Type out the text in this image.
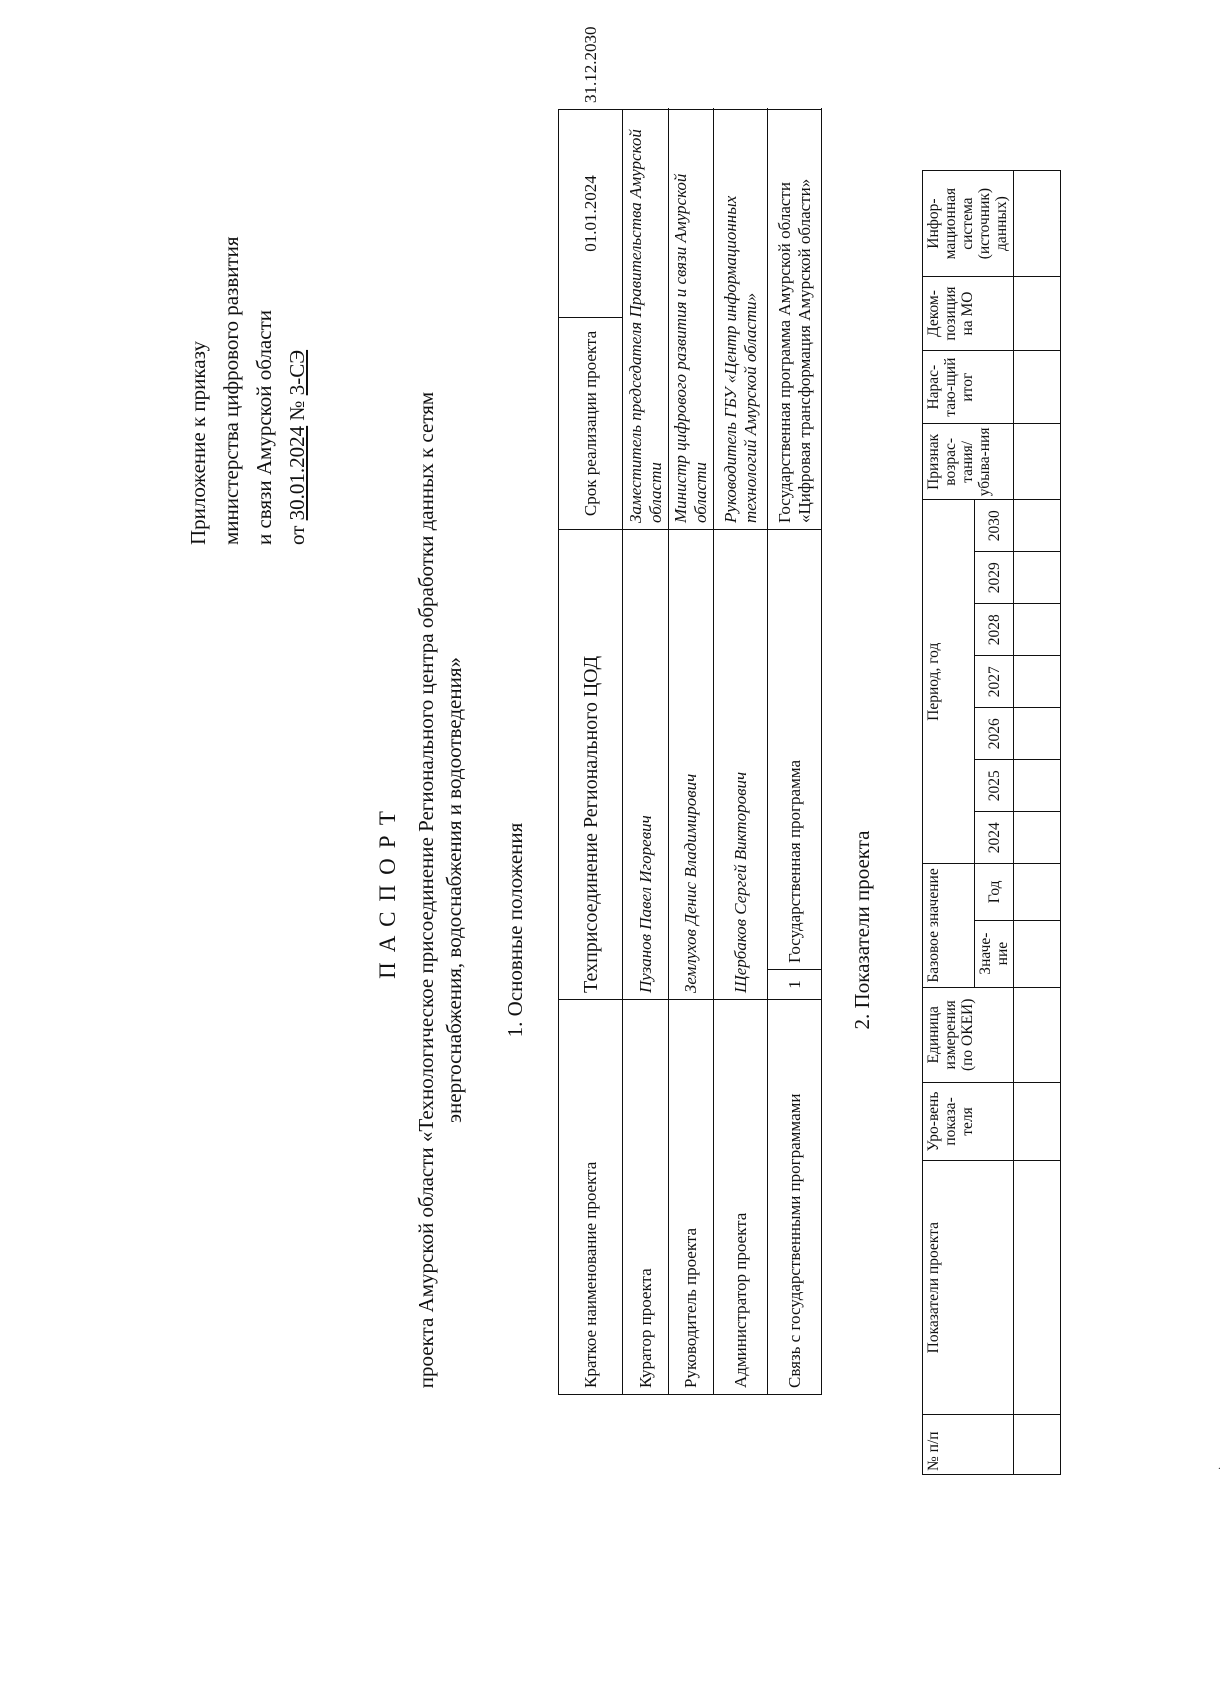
Приложение к приказу министерства цифрового развития и связи Амурской области от 30.01.2024 № 3-СЭ
ПАСПОРТ проекта Амурской области «Технологическое присоединение Регионального центра обработки данных к сетям энергоснабжения, водоснабжения и водоотведения» 1. Основные положения
Краткое наименование проекта	Техприсоединение Регионального ЦОД		Срок реализации проекта	01.01.2024	31.12.2030
Куратор проекта	Пузанов Павел Игоревич		Заместитель председателя Правительства Амурской области		
Руководитель проекта	Землухов Денис Владимирович		Министр цифрового развития и связи Амурской области		
Администратор проекта	Щербаков Сергей Викторович		Руководитель ГБУ «Центр информационных технологий Амурской области»		
Связь с государственными программами	1	Государственная программа	Государственная программа Амурской области «Цифровая трансформация Амурской области»		
2. Показатели проекта
№ п/п	Показатели проекта	Уро-вень показа-теля	Единица измерения (по ОКЕИ)	Базовое значение		Период, год							Признак возрас-тания/ убыва-ния	Нарас-таю-щий итог	Деком-позиция на МО	Инфор-мационная система (источник) данных)
				Значе-ние	Год	2024	2025	2026	2027	2028	2029	2030				

·
